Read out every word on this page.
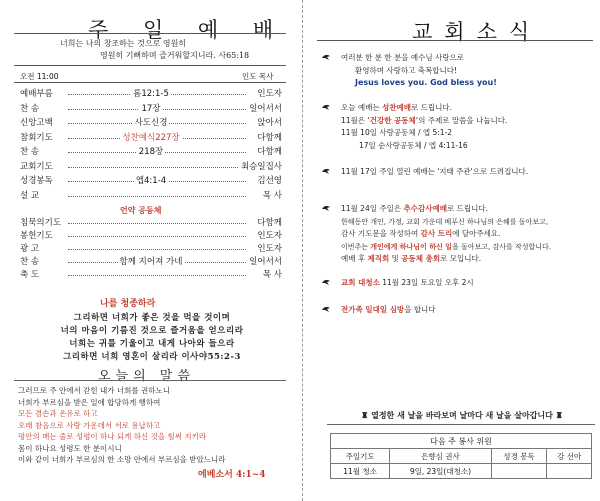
주 일 예 배
너희는 나의 창조하는 것으로 영원히
영원히 기뻐하며 즐거워할지니라. 사65:18
오전 11:00	인도 목사
예배부름	롬12:1-5	인도자
찬 송	17장	일어서서
신앙고백	사도신경	앉아서
참회기도	성찬예식227장	다함께
찬 송	218장	다함께
교회기도	최승일집사
성경봉독	엡4:1-4	김선영
설 교	목 사
언약 공동체
침묵의기도	다함께
봉헌기도	인도자
광 고	인도자
찬 송	함께 지어져 가네	일어서서
축 도	목 사
나를 청종하라
그리하면 너희가 좋은 것을 먹을 것이며
너의 마음이 기름진 것으로 즐거움을 얻으리라
너희는 귀를 기울이고 내게 나아와 들으라
그리하면 너희 영혼이 살리라 이사야55:2-3
오늘의 말씀
그러므로 주 안에서 갇힌 내가 너희를 권하노니
너희가 부르심을 받은 일에 합당하게 행하여
모든 겸손과 온유로 하고
오래 참음으로 사랑 가운데서 서로 용납하고
평안의 매는 줄로 성령이 하나 되게 하신 것을 힘써 지키라
몸이 하나요 성령도 한 분이시니
이와 같이 너희가 부르심의 한 소망 안에서 부르심을 받았느니라
에베소서 4:1~4
교회소식
여러분 한 분 한 분을 예수님 사랑으로
환영하며 사랑하고 축복합니다!
Jesus loves you. God bless you!
오늘 예배는 성찬예배로 드립니다.
11월은 '건강한 공동체'의 주제로 말씀을 나눕니다.
11월 10일 사랑공동체 / 엡 5:1-2
17일 순사랑공동체 / 엡 4:11-16
11월 17일 주일 열린 예배는 '지태 주관'으로 드려집니다.
11월 24일 주일은 추수감사예배로 드립니다.
한해동안 개인, 가정, 교회 가운데 베푸신 하나님의 은혜를 돌아보고,
감사 기도문을 작성하여 감사 트리에 달아주세요.
이번주는 개인에게 하나님이 하신 일을 돌아보고, 감사를 작성합니다.
예배 후 제직회 및 공동체 총회로 모입니다.
교회 대청소 11월 23일 토요일 오후 2시
전가족 일대일 심방을 합니다
♜ 열정한 새 날을 바라보며 날마다 새 날을 살아갑니다 ♜
다음 주 봉사 위원			
주일기도	은향심 권사	성경 봉독	강 선아
11월 청소	9일, 23일(대청소)		
